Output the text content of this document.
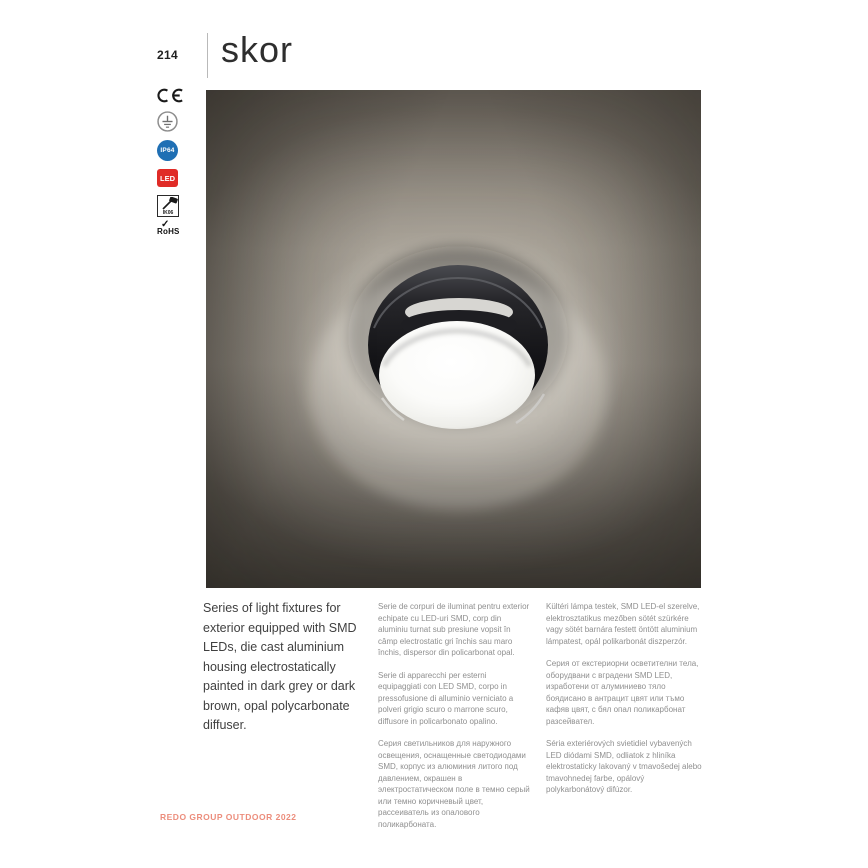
214 skor
IP64
LED
IK06
✓
RoHS
Series of light fixtures for exterior equipped with SMD LEDs, die cast aluminium housing electrostatically painted in dark grey or dark brown, opal polycarbonate diffuser.

Serie de corpuri de iluminat pentru exterior echipate cu LED-uri SMD, corp din aluminiu turnat sub presiune vopsit în câmp electrostatic gri închis sau maro închis, dispersor din policarbonat opal.

Serie di apparecchi per esterni equipaggiati con LED SMD, corpo in pressofusione di alluminio verniciato a polveri grigio scuro o marrone scuro, diffusore in policarbonato opalino.

Серия светильников для наружного освещения, оснащенные светодиодами SMD, корпус из алюминия литого под давлением, окрашен в электростатическом поле в темно серый или темно коричневый цвет, рассеиватель из опалового поликарбоната.

Kültéri lámpa testek, SMD LED-el szerelve, elektrosztatikus mezőben sötét szürkére vagy sötét barnára festett öntött aluminium lámpatest, opál polikarbonát diszperzór.

Серия от екстериорни осветителни тела, оборудвани с вградени SMD LED, изработени от алуминиево тяло боядисано в антрацит цвят или тъмо кафяв цвят, с бял опал поликарбонат разсейвател.

Séria exteriérových svietidiel vybavených LED diódami SMD, odliatok z hliníka elektrostaticky lakovaný v tmavošedej alebo tmavohnedej farbe, opálový polykarbonátový difúzor.

REDO GROUP OUTDOOR 2022
